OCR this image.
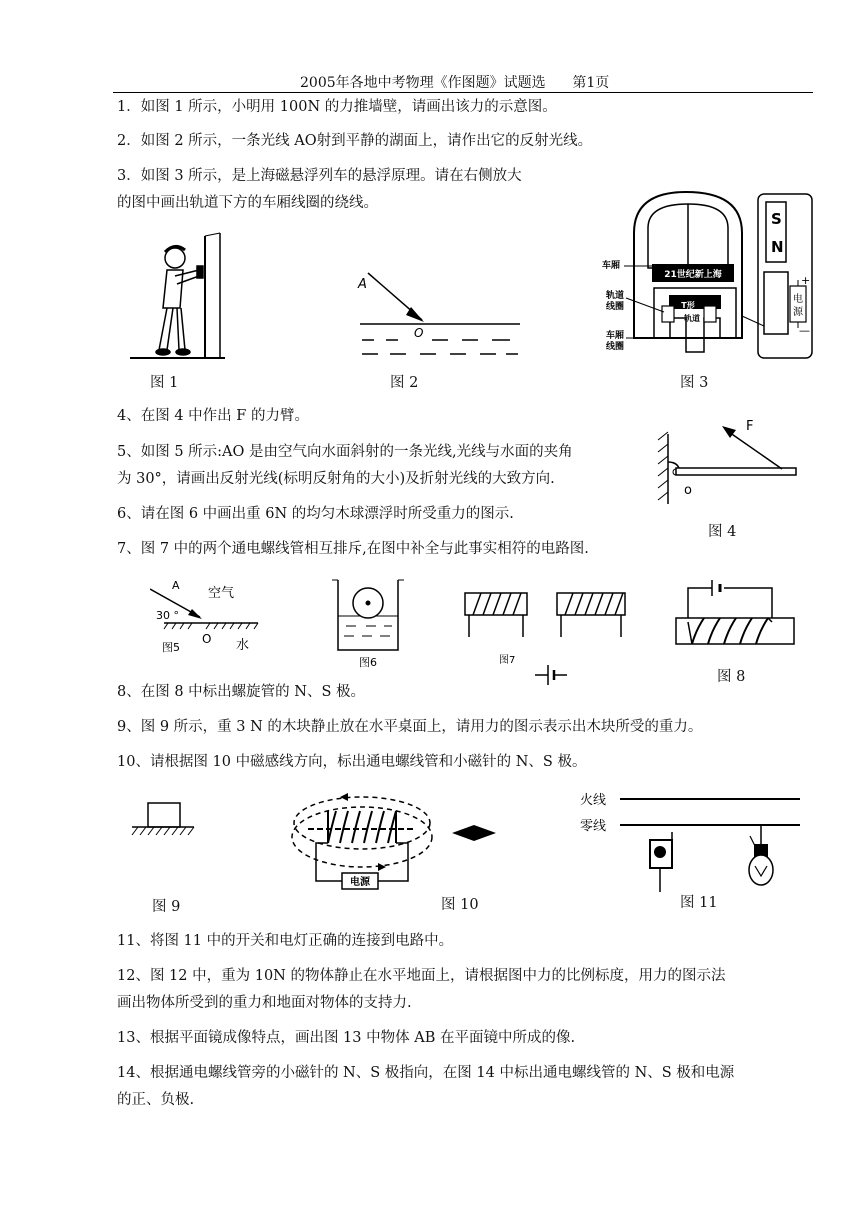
2005年各地中考物理《作图题》试题选 第1页
1．如图 1 所示，小明用 100N 的力推墙壁，请画出该力的示意图。
2．如图 2 所示，一条光线 AO射到平静的湖面上，请作出它的反射光线。
3．如图 3 所示，是上海磁悬浮列车的悬浮原理。请在右侧放大
的图中画出轨道下方的车厢线圈的绕线。
4、在图 4 中作出 F 的力臂。
5、如图 5 所示:AO 是由空气向水面斜射的一条光线,光线与水面的夹角
为 30°，请画出反射光线(标明反射角的大小)及折射光线的大致方向.
6、请在图 6 中画出重 6N 的均匀木球漂浮时所受重力的图示.
7、图 7 中的两个通电螺线管相互排斥,在图中补全与此事实相符的电路图.
8、在图 8 中标出螺旋管的 N、S 极。
9、图 9 所示，重 3 N 的木块静止放在水平桌面上，请用力的图示表示出木块所受的重力。
10、请根据图 10 中磁感线方向，标出通电螺线管和小磁针的 N、S 极。
11、将图 11 中的开关和电灯正确的连接到电路中。
12、图 12 中，重为 10N 的物体静止在水平地面上，请根据图中力的比例标度，用力的图示法
画出物体所受到的重力和地面对物体的支持力.
13、根据平面镜成像特点，画出图 13 中物体 AB 在平面镜中所成的像.
14、根据通电螺线管旁的小磁针的 N、S 极指向，在图 14 中标出通电螺线管的 N、S 极和电源
的正、负极.
图 1	图 2	图 3
图 4
图 8
图 9	图 10	图 11
A
O
21世纪新上海
T形
轨道
车厢
轨道
线圈
车厢
线圈
S
N
电
源
+
—
F
o
A
空气
30 °
O 水
图5
图6	图7
电源
火线
零线
